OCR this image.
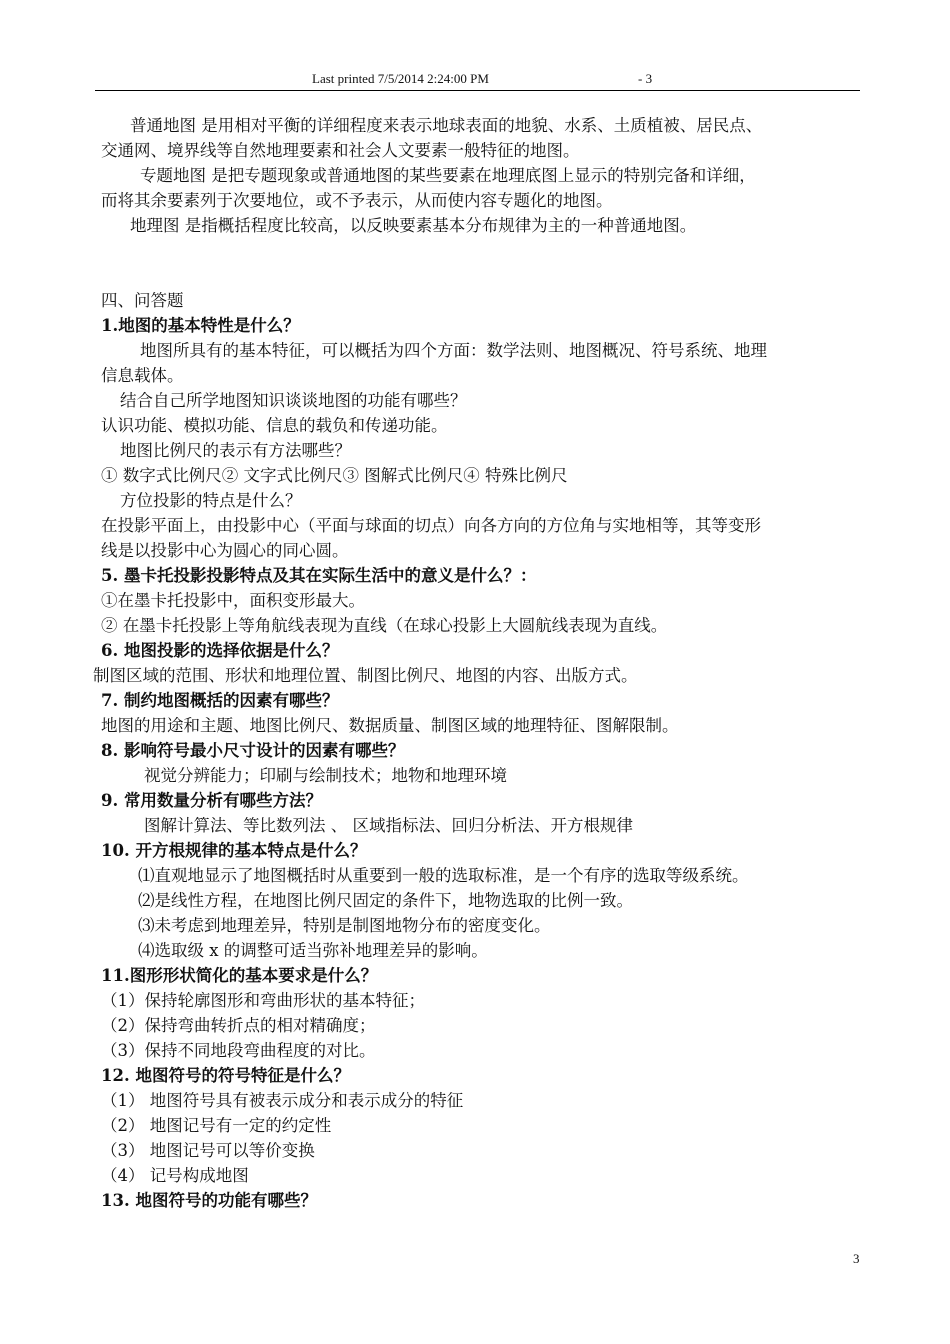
Last printed 7/5/2014 2:24:00 PM	- 3
普通地图 是用相对平衡的详细程度来表示地球表面的地貌、水系、土质植被、居民点、
交通网、境界线等自然地理要素和社会人文要素一般特征的地图。
专题地图 是把专题现象或普通地图的某些要素在地理底图上显示的特别完备和详细，
而将其余要素列于次要地位，或不予表示，从而使内容专题化的地图。
地理图 是指概括程度比较高，以反映要素基本分布规律为主的一种普通地图。
四、问答题
1.地图的基本特性是什么？
地图所具有的基本特征，可以概括为四个方面：数学法则、地图概况、符号系统、地理
信息载体。
结合自己所学地图知识谈谈地图的功能有哪些？
认识功能、模拟功能、信息的载负和传递功能。
地图比例尺的表示有方法哪些？
① 数字式比例尺② 文字式比例尺③ 图解式比例尺④ 特殊比例尺
方位投影的特点是什么？
在投影平面上，由投影中心（平面与球面的切点）向各方向的方位角与实地相等，其等变形
线是以投影中心为圆心的同心圆。
5. 墨卡托投影投影特点及其在实际生活中的意义是什么？：
①在墨卡托投影中，面积变形最大。
② 在墨卡托投影上等角航线表现为直线（在球心投影上大圆航线表现为直线。
6. 地图投影的选择依据是什么？
制图区域的范围、形状和地理位置、制图比例尺、地图的内容、出版方式。
7. 制约地图概括的因素有哪些？
地图的用途和主题、地图比例尺、数据质量、制图区域的地理特征、图解限制。
8. 影响符号最小尺寸设计的因素有哪些？
视觉分辨能力；印刷与绘制技术；地物和地理环境
9. 常用数量分析有哪些方法？
图解计算法、等比数列法 、 区域指标法、回归分析法、开方根规律
10. 开方根规律的基本特点是什么？
⑴直观地显示了地图概括时从重要到一般的选取标准，是一个有序的选取等级系统。
⑵是线性方程，在地图比例尺固定的条件下，地物选取的比例一致。
⑶未考虑到地理差异，特别是制图地物分布的密度变化。
⑷选取级 x 的调整可适当弥补地理差异的影响。
11.图形形状简化的基本要求是什么？
（1）保持轮廓图形和弯曲形状的基本特征；
（2）保持弯曲转折点的相对精确度；
（3）保持不同地段弯曲程度的对比。
12. 地图符号的符号特征是什么？
（1） 地图符号具有被表示成分和表示成分的特征
（2） 地图记号有一定的约定性
（3） 地图记号可以等价变换
（4） 记号构成地图
13. 地图符号的功能有哪些？
3
